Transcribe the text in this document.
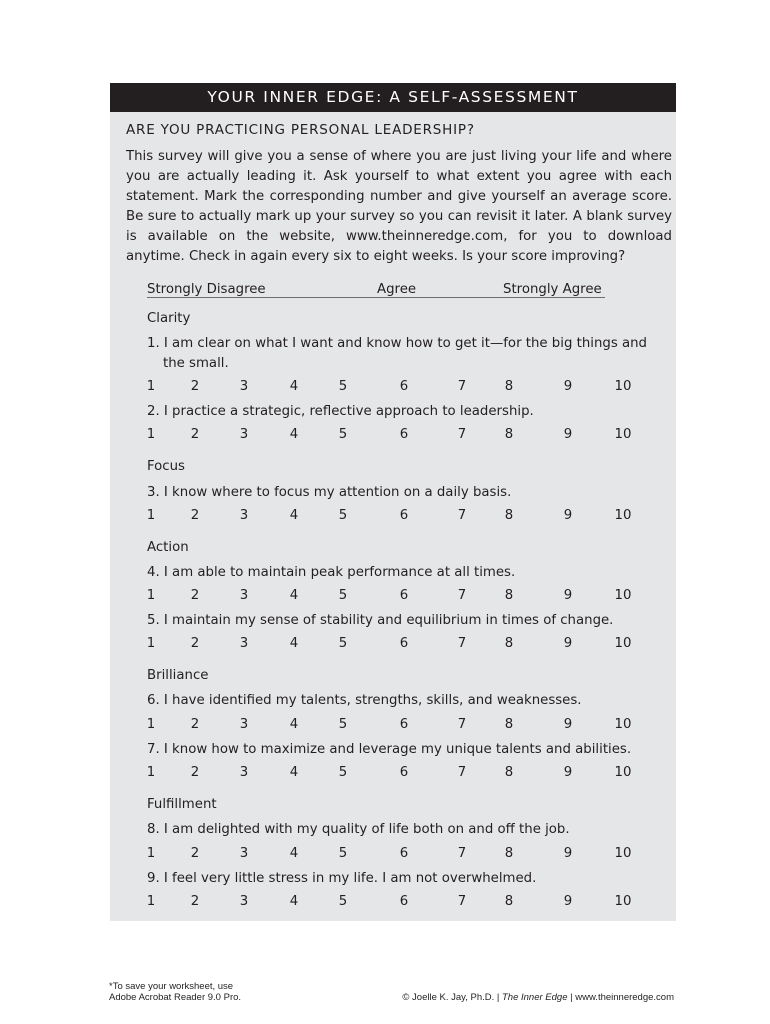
YOUR INNER EDGE: A SELF-ASSESSMENT
ARE YOU PRACTICING PERSONAL LEADERSHIP?
This survey will give you a sense of where you are just living your life and where you are actually leading it. Ask yourself to what extent you agree with each statement. Mark the corresponding number and give yourself an average score. Be sure to actually mark up your survey so you can revisit it later. A blank survey is available on the website, www.theinneredge.com, for you to download anytime. Check in again every six to eight weeks. Is your score improving?
Strongly Disagree	Agree	Strongly Agree
Clarity
1. I am clear on what I want and know how to get it—for the big things and the small.
1	2	3	4	5	6	7	8	9	10
2. I practice a strategic, reflective approach to leadership.
1	2	3	4	5	6	7	8	9	10
Focus
3. I know where to focus my attention on a daily basis.
1	2	3	4	5	6	7	8	9	10
Action
4. I am able to maintain peak performance at all times.
1	2	3	4	5	6	7	8	9	10
5. I maintain my sense of stability and equilibrium in times of change.
1	2	3	4	5	6	7	8	9	10
Brilliance
6. I have identified my talents, strengths, skills, and weaknesses.
1	2	3	4	5	6	7	8	9	10
7. I know how to maximize and leverage my unique talents and abilities.
1	2	3	4	5	6	7	8	9	10
Fulfillment
8. I am delighted with my quality of life both on and off the job.
1	2	3	4	5	6	7	8	9	10
9. I feel very little stress in my life. I am not overwhelmed.
1	2	3	4	5	6	7	8	9	10
*To save your worksheet, use
Adobe Acrobat Reader 9.0 Pro.	© Joelle K. Jay, Ph.D. | The Inner Edge | www.theinneredge.com
